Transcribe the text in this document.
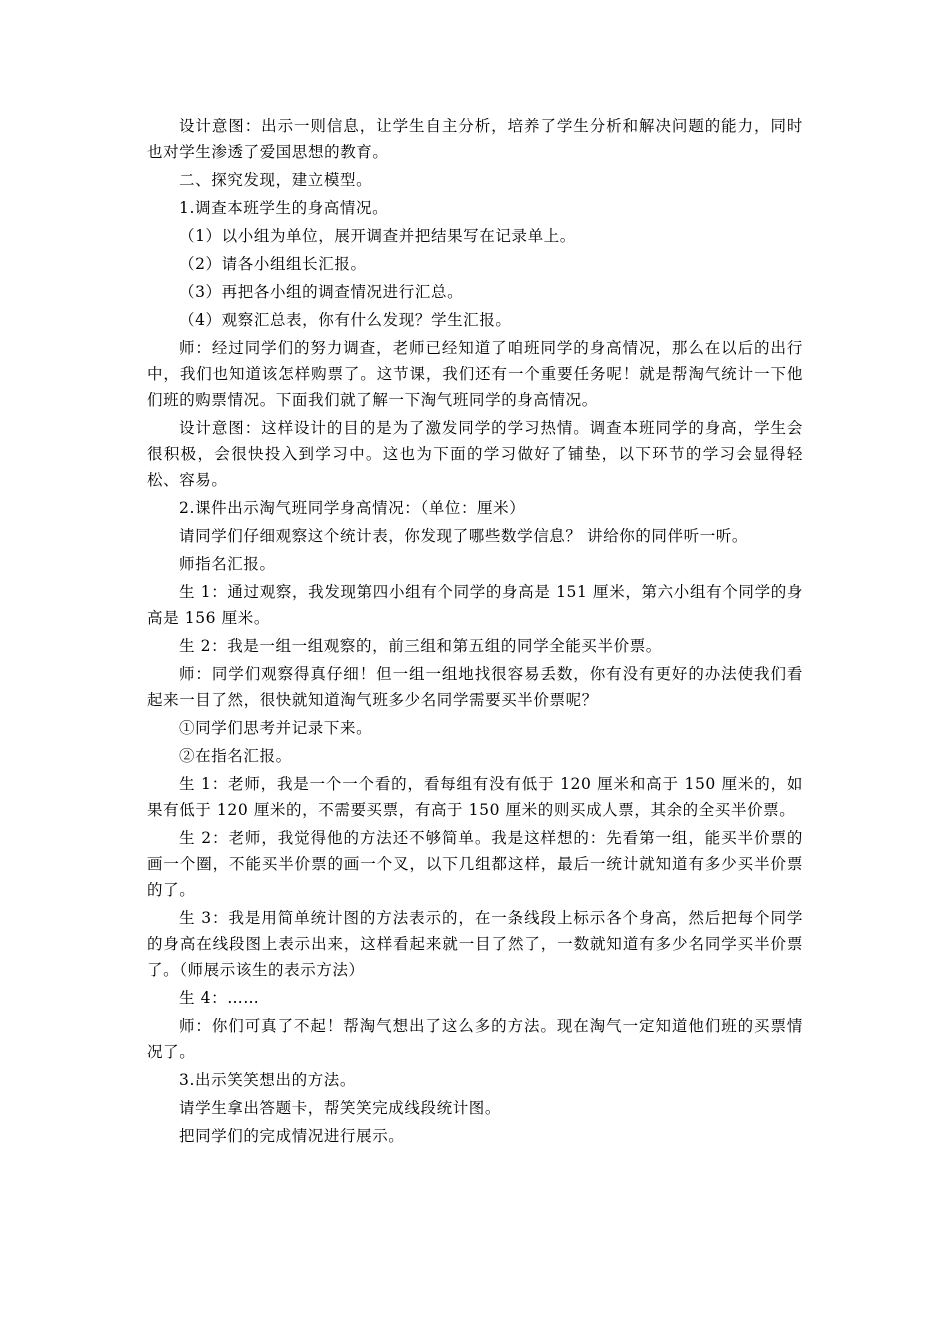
设计意图：出示一则信息，让学生自主分析，培养了学生分析和解决问题的能力，同时也对学生渗透了爱国思想的教育。

二、探究发现，建立模型。

1.调查本班学生的身高情况。

（1）以小组为单位，展开调查并把结果写在记录单上。

（2）请各小组组长汇报。

（3）再把各小组的调查情况进行汇总。

（4）观察汇总表，你有什么发现？学生汇报。

师：经过同学们的努力调查，老师已经知道了咱班同学的身高情况，那么在以后的出行中，我们也知道该怎样购票了。这节课，我们还有一个重要任务呢！就是帮淘气统计一下他们班的购票情况。下面我们就了解一下淘气班同学的身高情况。

设计意图：这样设计的目的是为了激发同学的学习热情。调查本班同学的身高，学生会很积极，会很快投入到学习中。这也为下面的学习做好了铺垫，以下环节的学习会显得轻松、容易。

2.课件出示淘气班同学身高情况：（单位：厘米）

请同学们仔细观察这个统计表，你发现了哪些数学信息？ 讲给你的同伴听一听。

师指名汇报。

生 1：通过观察，我发现第四小组有个同学的身高是 151 厘米，第六小组有个同学的身高是 156 厘米。

生 2：我是一组一组观察的，前三组和第五组的同学全能买半价票。

师：同学们观察得真仔细！但一组一组地找很容易丢数，你有没有更好的办法使我们看起来一目了然，很快就知道淘气班多少名同学需要买半价票呢？

①同学们思考并记录下来。

②在指名汇报。

生 1：老师，我是一个一个看的，看每组有没有低于 120 厘米和高于 150 厘米的，如果有低于 120 厘米的，不需要买票，有高于 150 厘米的则买成人票，其余的全买半价票。

生 2：老师，我觉得他的方法还不够简单。我是这样想的：先看第一组，能买半价票的画一个圈，不能买半价票的画一个叉，以下几组都这样，最后一统计就知道有多少买半价票的了。

生 3：我是用简单统计图的方法表示的，在一条线段上标示各个身高，然后把每个同学的身高在线段图上表示出来，这样看起来就一目了然了，一数就知道有多少名同学买半价票了。（师展示该生的表示方法）

生 4：……

师：你们可真了不起！帮淘气想出了这么多的方法。现在淘气一定知道他们班的买票情况了。

3.出示笑笑想出的方法。

请学生拿出答题卡，帮笑笑完成线段统计图。

把同学们的完成情况进行展示。
